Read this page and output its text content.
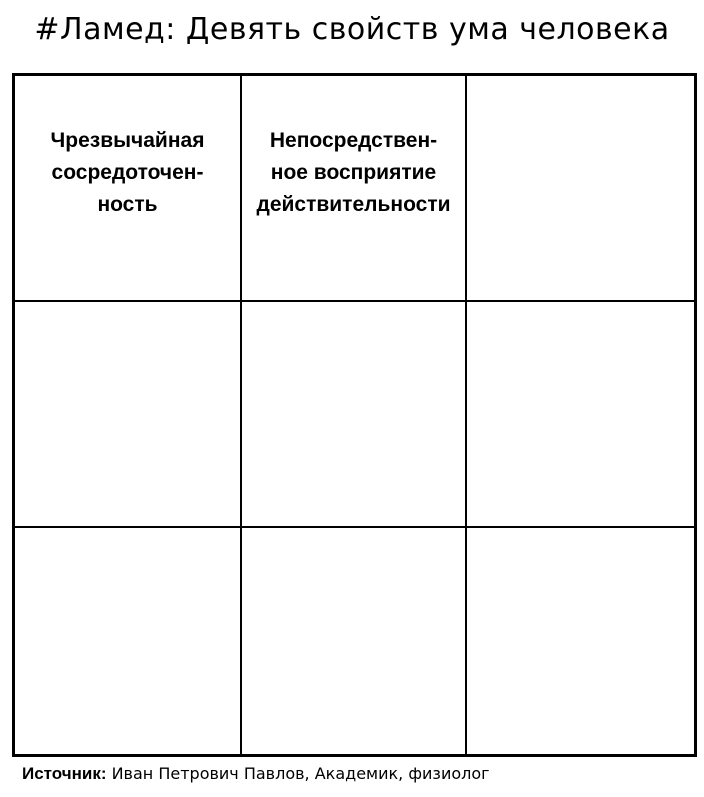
#Ламед: Девять свойств ума человека
Чрезвычайная
сосредоточен-
ность
Непосредствен-
ное восприятие
действительности
Источник: Иван Петрович Павлов, Академик, физиолог
